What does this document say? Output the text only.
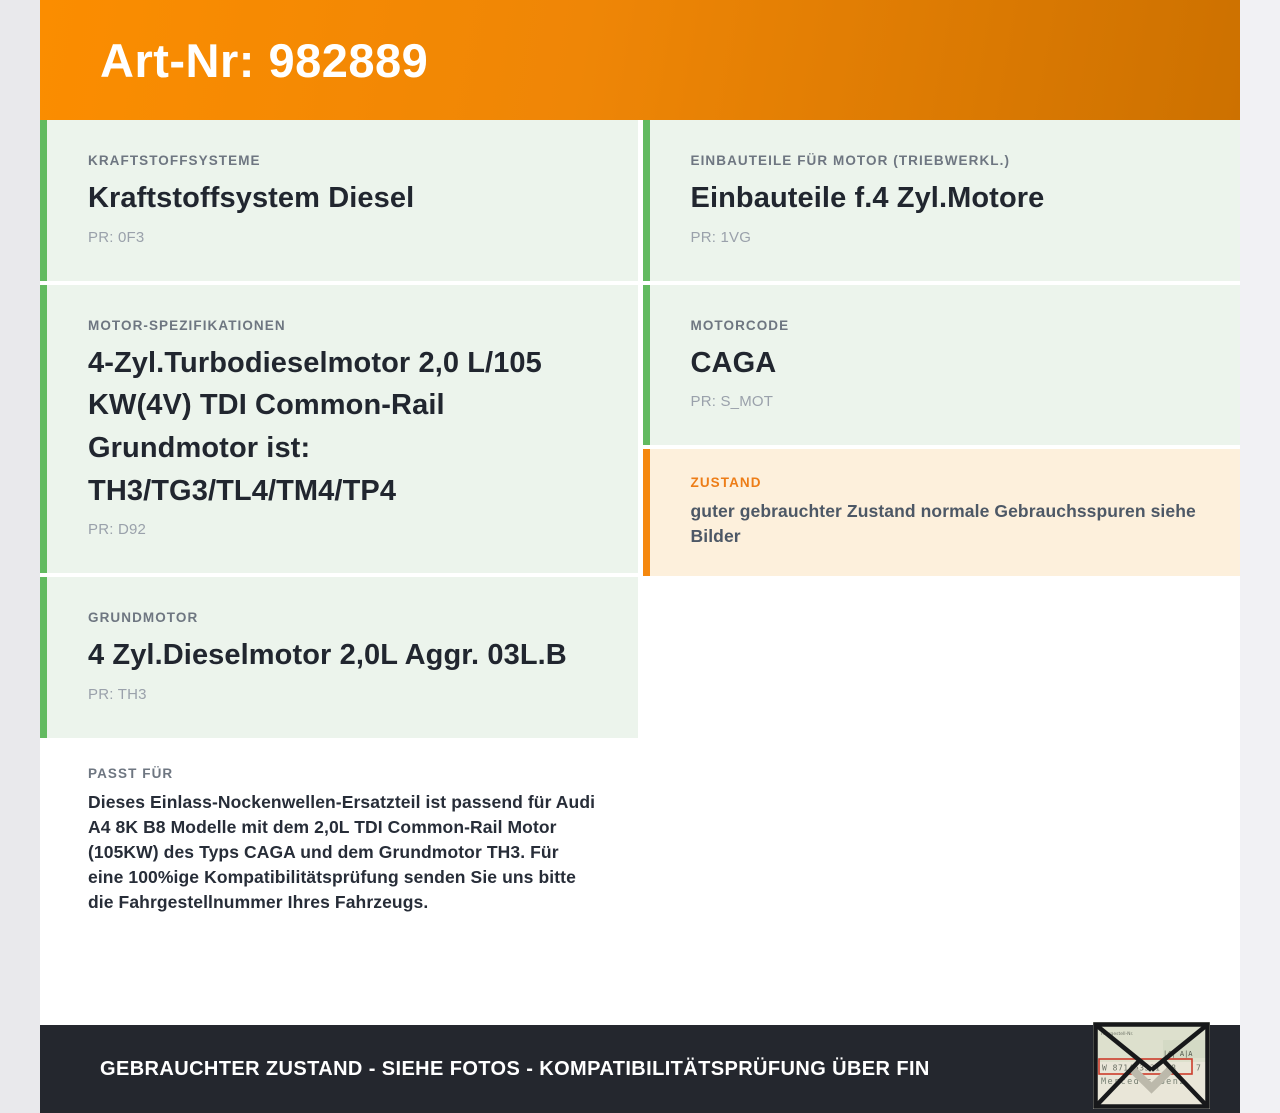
Art-Nr: 982889
KRAFTSTOFFSYSTEME
Kraftstoffsystem Diesel
PR: 0F3
MOTOR-SPEZIFIKATIONEN
4-Zyl.Turbodieselmotor 2,0 L/105 KW(4V) TDI Common-Rail Grundmotor ist: TH3/TG3/TL4/TM4/TP4
PR: D92
GRUNDMOTOR
4 Zyl.Dieselmotor 2,0L Aggr. 03L.B
PR: TH3
PASST FÜR
Dieses Einlass-Nockenwellen-Ersatzteil ist passend für Audi A4 8K B8 Modelle mit dem 2,0L TDI Common-Rail Motor (105KW) des Typs CAGA und dem Grundmotor TH3. Für eine 100%ige Kompatibilitätsprüfung senden Sie uns bitte die Fahrgestellnummer Ihres Fahrzeugs.
EINBAUTEILE FÜR MOTOR (TRIEBWERKL.)
Einbauteile f.4 Zyl.Motore
PR: 1VG
MOTORCODE
CAGA
PR: S_MOT
ZUSTAND
guter gebrauchter Zustand normale Gebrauchsspuren siehe Bilder
GEBRAUCHTER ZUSTAND - SIEHE FOTOS - KOMPATIBILITÄTSPRÜFUNG ÜBER FIN
Fahrgestell-Nr.
|4| A|A
W 871463J31 48 7
Mercedes-Benz
